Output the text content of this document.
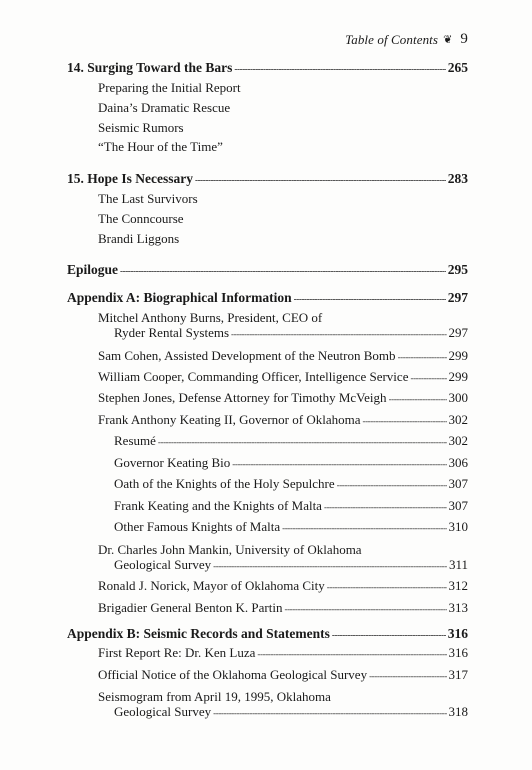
Table of Contents ❦ 9
14. Surging Toward the Bars -----	265
Preparing the Initial Report
Daina’s Dramatic Rescue
Seismic Rumors
“The Hour of the Time”
15. Hope Is Necessary -----	283
The Last Survivors
The Conncourse
Brandi Liggons
Epilogue -----	295
Appendix A: Biographical Information -----	297
Mitchel Anthony Burns, President, CEO of
Ryder Rental Systems -----	297
Sam Cohen, Assisted Development of the Neutron Bomb -----	299
William Cooper, Commanding Officer, Intelligence Service -----	299
Stephen Jones, Defense Attorney for Timothy McVeigh -----	300
Frank Anthony Keating II, Governor of Oklahoma -----	302
Resumé -----	302
Governor Keating Bio -----	306
Oath of the Knights of the Holy Sepulchre -----	307
Frank Keating and the Knights of Malta -----	307
Other Famous Knights of Malta -----	310
Dr. Charles John Mankin, University of Oklahoma
Geological Survey -----	311
Ronald J. Norick, Mayor of Oklahoma City -----	312
Brigadier General Benton K. Partin -----	313
Appendix B: Seismic Records and Statements -----	316
First Report Re: Dr. Ken Luza -----	316
Official Notice of the Oklahoma Geological Survey -----	317
Seismogram from April 19, 1995, Oklahoma
Geological Survey -----	318
